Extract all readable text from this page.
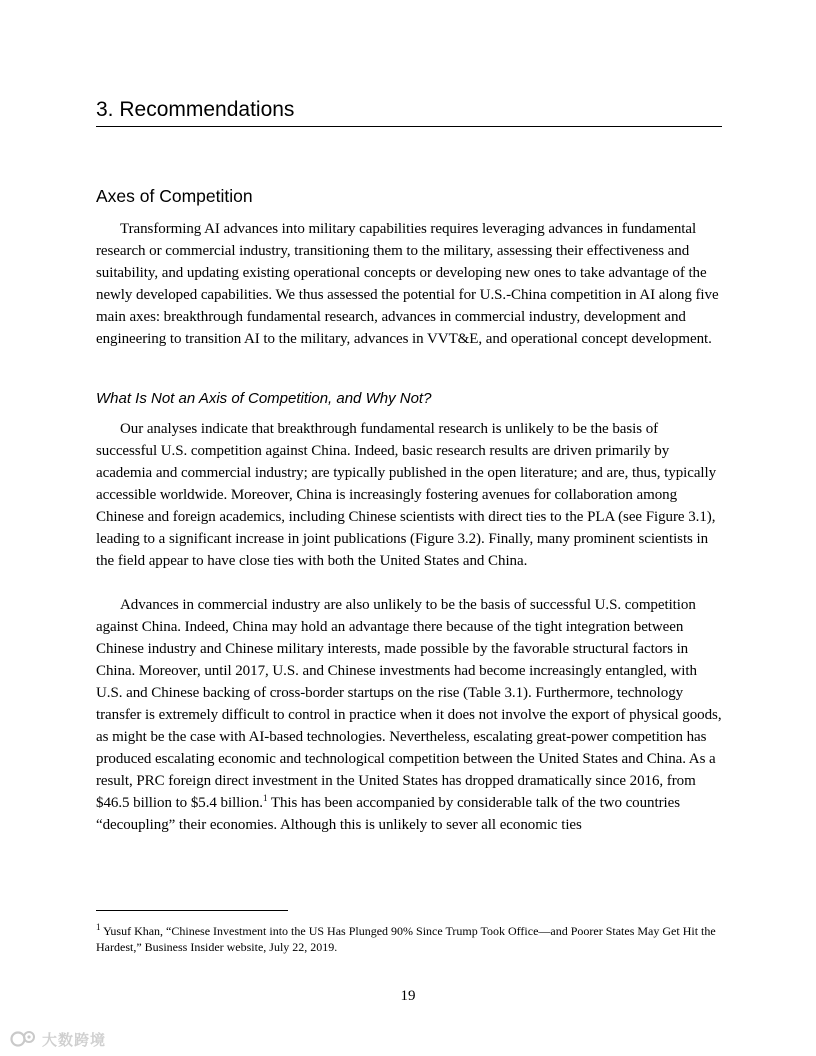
3. Recommendations
Axes of Competition

Transforming AI advances into military capabilities requires leveraging advances in fundamental research or commercial industry, transitioning them to the military, assessing their effectiveness and suitability, and updating existing operational concepts or developing new ones to take advantage of the newly developed capabilities. We thus assessed the potential for U.S.-China competition in AI along five main axes: breakthrough fundamental research, advances in commercial industry, development and engineering to transition AI to the military, advances in VVT&E, and operational concept development.

What Is Not an Axis of Competition, and Why Not?

Our analyses indicate that breakthrough fundamental research is unlikely to be the basis of successful U.S. competition against China. Indeed, basic research results are driven primarily by academia and commercial industry; are typically published in the open literature; and are, thus, typically accessible worldwide. Moreover, China is increasingly fostering avenues for collaboration among Chinese and foreign academics, including Chinese scientists with direct ties to the PLA (see Figure 3.1), leading to a significant increase in joint publications (Figure 3.2). Finally, many prominent scientists in the field appear to have close ties with both the United States and China.

Advances in commercial industry are also unlikely to be the basis of successful U.S. competition against China. Indeed, China may hold an advantage there because of the tight integration between Chinese industry and Chinese military interests, made possible by the favorable structural factors in China. Moreover, until 2017, U.S. and Chinese investments had become increasingly entangled, with U.S. and Chinese backing of cross-border startups on the rise (Table 3.1). Furthermore, technology transfer is extremely difficult to control in practice when it does not involve the export of physical goods, as might be the case with AI-based technologies. Nevertheless, escalating great-power competition has produced escalating economic and technological competition between the United States and China. As a result, PRC foreign direct investment in the United States has dropped dramatically since 2016, from $46.5 billion to $5.4 billion.$^1$ This has been accompanied by considerable talk of the two countries “decoupling” their economies. Although this is unlikely to sever all economic ties

$^1$ Yusuf Khan, “Chinese Investment into the US Has Plunged 90% Since Trump Took Office—and Poorer States May Get Hit the Hardest,” Business Insider website, July 22, 2019.

19
大数跨境
